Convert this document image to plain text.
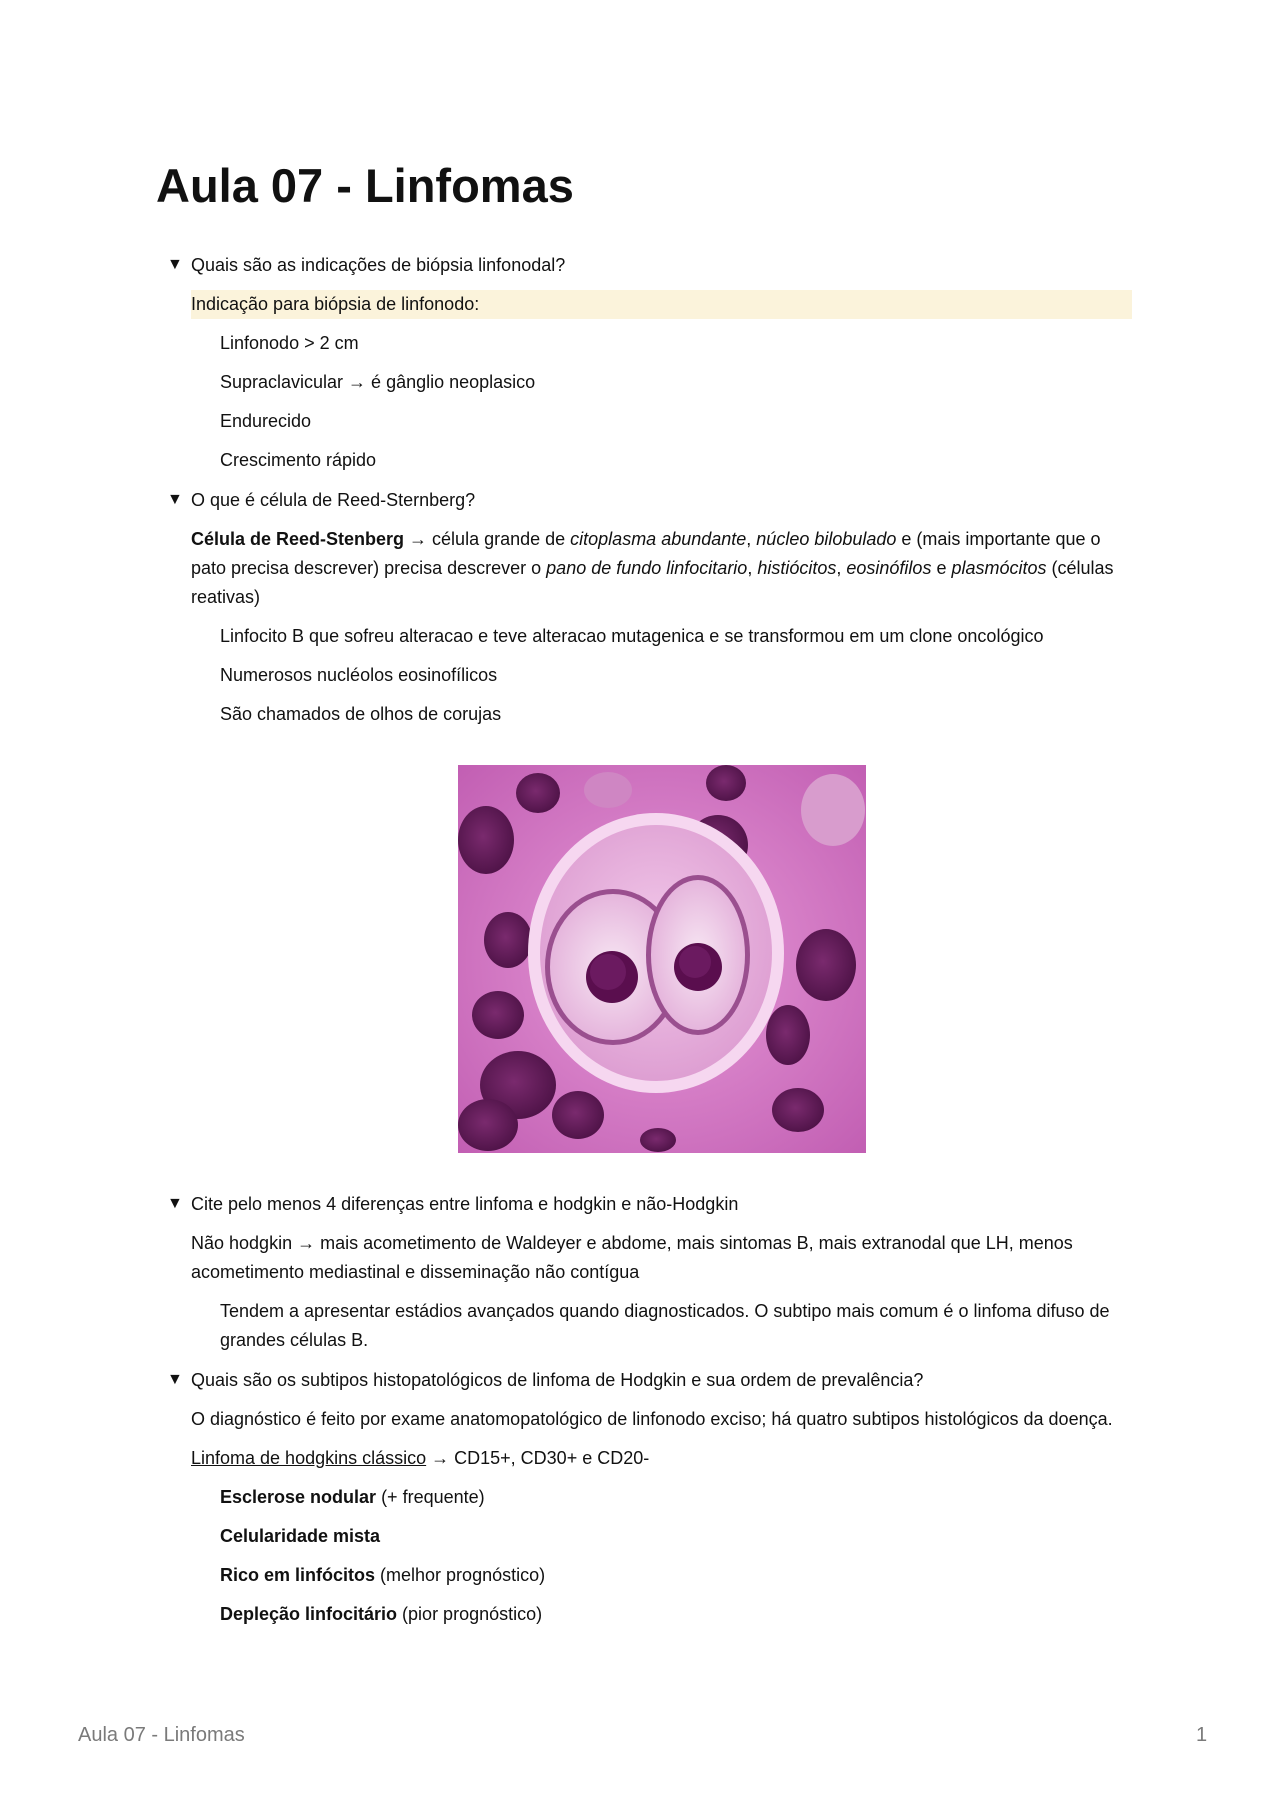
Aula 07 - Linfomas
▼ Quais são as indicações de biópsia linfonodal?

Indicação para biópsia de linfonodo:

Linfonodo > 2 cm

Supraclavicular → é gânglio neoplasico

Endurecido

Crescimento rápido

▼ O que é célula de Reed-Sternberg?

Célula de Reed-Stenberg → célula grande de citoplasma abundante, núcleo bilobulado e (mais importante que o pato precisa descrever) precisa descrever o pano de fundo linfocitario, histiócitos, eosinófilos e plasmócitos (células reativas)

Linfocito B que sofreu alteracao e teve alteracao mutagenica e se transformou em um clone oncológico

Numerosos nucléolos eosinofílicos

São chamados de olhos de corujas

▼ Cite pelo menos 4 diferenças entre linfoma e hodgkin e não-Hodgkin

Não hodgkin → mais acometimento de Waldeyer e abdome, mais sintomas B, mais extranodal que LH, menos acometimento mediastinal e disseminação não contígua

Tendem a apresentar estádios avançados quando diagnosticados. O subtipo mais comum é o linfoma difuso de grandes células B.

▼ Quais são os subtipos histopatológicos de linfoma de Hodgkin e sua ordem de prevalência?

O diagnóstico é feito por exame anatomopatológico de linfonodo exciso; há quatro subtipos histológicos da doença.

Linfoma de hodgkins clássico → CD15+, CD30+ e CD20-

Esclerose nodular (+ frequente)

Celularidade mista

Rico em linfócitos (melhor prognóstico)

Depleção linfocitário (pior prognóstico)

Aula 07 - Linfomas	1
